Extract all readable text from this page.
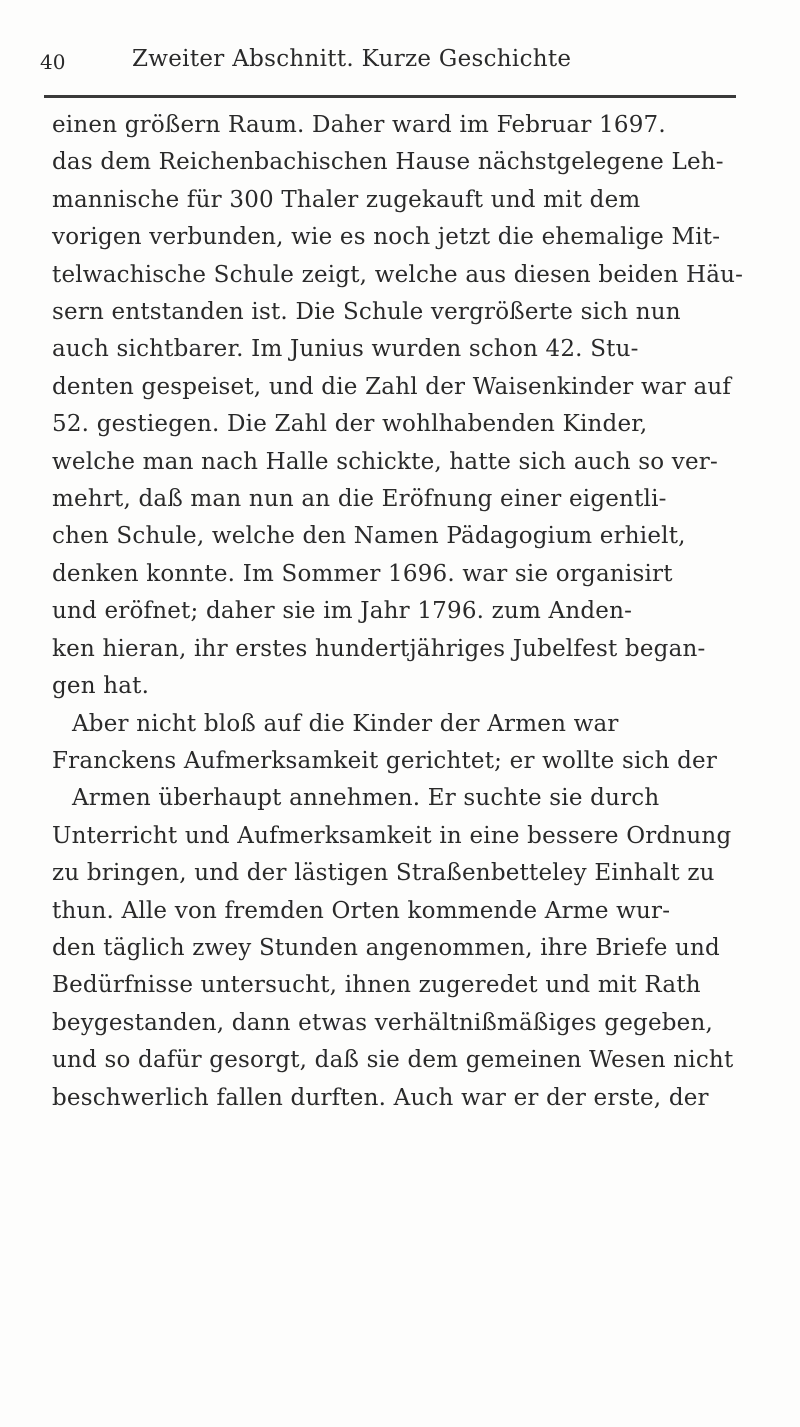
40	Zweiter Abschnitt. Kurze Geschichte
einen größern Raum. Daher ward im Februar 1697.
das dem Reichenbachischen Hause nächstgelegene Leh-
mannische für 300 Thaler zugekauft und mit dem
vorigen verbunden, wie es noch jetzt die ehemalige Mit-
telwachische Schule zeigt, welche aus diesen beiden Häu-
sern entstanden ist. Die Schule vergrößerte sich nun
auch sichtbarer. Im Junius wurden schon 42. Stu-
denten gespeiset, und die Zahl der Waisenkinder war auf
52. gestiegen. Die Zahl der wohlhabenden Kinder,
welche man nach Halle schickte, hatte sich auch so ver-
mehrt, daß man nun an die Eröfnung einer eigentli-
chen Schule, welche den Namen Pädagogium erhielt,
denken konnte. Im Sommer 1696. war sie organisirt
und eröfnet; daher sie im Jahr 1796. zum Anden-
ken hieran, ihr erstes hundertjähriges Jubelfest began-
gen hat.
Aber nicht bloß auf die Kinder der Armen war
Franckens Aufmerksamkeit gerichtet; er wollte sich der
Armen überhaupt annehmen. Er suchte sie durch
Unterricht und Aufmerksamkeit in eine bessere Ordnung
zu bringen, und der lästigen Straßenbetteley Einhalt zu
thun. Alle von fremden Orten kommende Arme wur-
den täglich zwey Stunden angenommen, ihre Briefe und
Bedürfnisse untersucht, ihnen zugeredet und mit Rath
beygestanden, dann etwas verhältnißmäßiges gegeben,
und so dafür gesorgt, daß sie dem gemeinen Wesen nicht
beschwerlich fallen durften. Auch war er der erste, der
